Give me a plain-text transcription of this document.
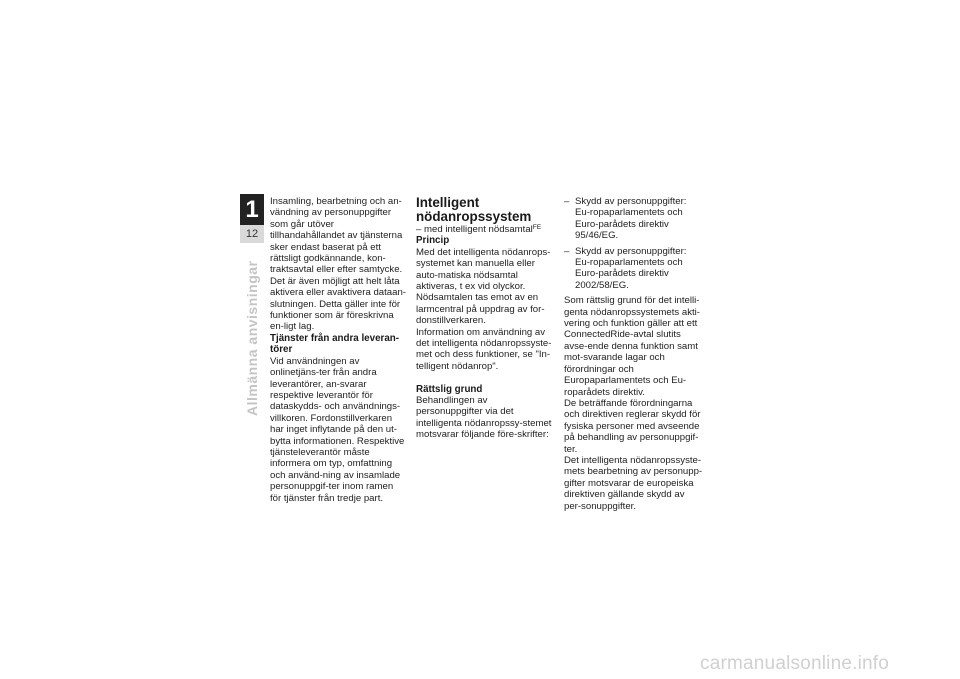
1
12
Allmänna anvisningar

Insamling, bearbetning och an-vändning av personuppgifter som går utöver tillhandahållandet av tjänsterna sker endast baserat på ett rättsligt godkännande, kon-traktsavtal eller efter samtycke. Det är även möjligt att helt låta aktivera eller avaktivera dataan-slutningen. Detta gäller inte för funktioner som är föreskrivna en-ligt lag.

Tjänster från andra leveran-törer

Vid användningen av onlinetjäns-ter från andra leverantörer, an-svarar respektive leverantör för dataskydds- och användnings-villkoren. Fordonstillverkaren har inget inflytande på den ut-bytta informationen. Respektive tjänsteleverantör måste informera om typ, omfattning och använd-ning av insamlade personuppgif-ter inom ramen för tjänster från tredje part.

Intelligent nödanropssystem

– med intelligent nödsamtal$^{FE}$

Princip

Med det intelligenta nödanrops-systemet kan manuella eller auto-matiska nödsamtal aktiveras, t ex vid olyckor.

Nödsamtalen tas emot av en larmcentral på uppdrag av for-donstillverkaren.

Information om användning av det intelligenta nödanropssyste-met och dess funktioner, se "In-telligent nödanrop".

Rättslig grund

Behandlingen av personuppgifter via det intelligenta nödanropssy-stemet motsvarar följande före-skrifter:

– Skydd av personuppgifter: Eu-ropaparlamentets och Euro-parådets direktiv 95/46/EG.
– Skydd av personuppgifter: Eu-ropaparlamentets och Euro-parådets direktiv 2002/58/EG.

Som rättslig grund för det intelli-genta nödanropssystemets akti-vering och funktion gäller att ett ConnectedRide-avtal slutits avse-ende denna funktion samt mot-svarande lagar och förordningar och Europaparlamentets och Eu-roparådets direktiv.

De beträffande förordningarna och direktiven reglerar skydd för fysiska personer med avseende på behandling av personuppgif-ter.

Det intelligenta nödanropssyste-mets bearbetning av personupp-gifter motsvarar de europeiska direktiven gällande skydd av per-sonuppgifter.

carmanualsonline.info
